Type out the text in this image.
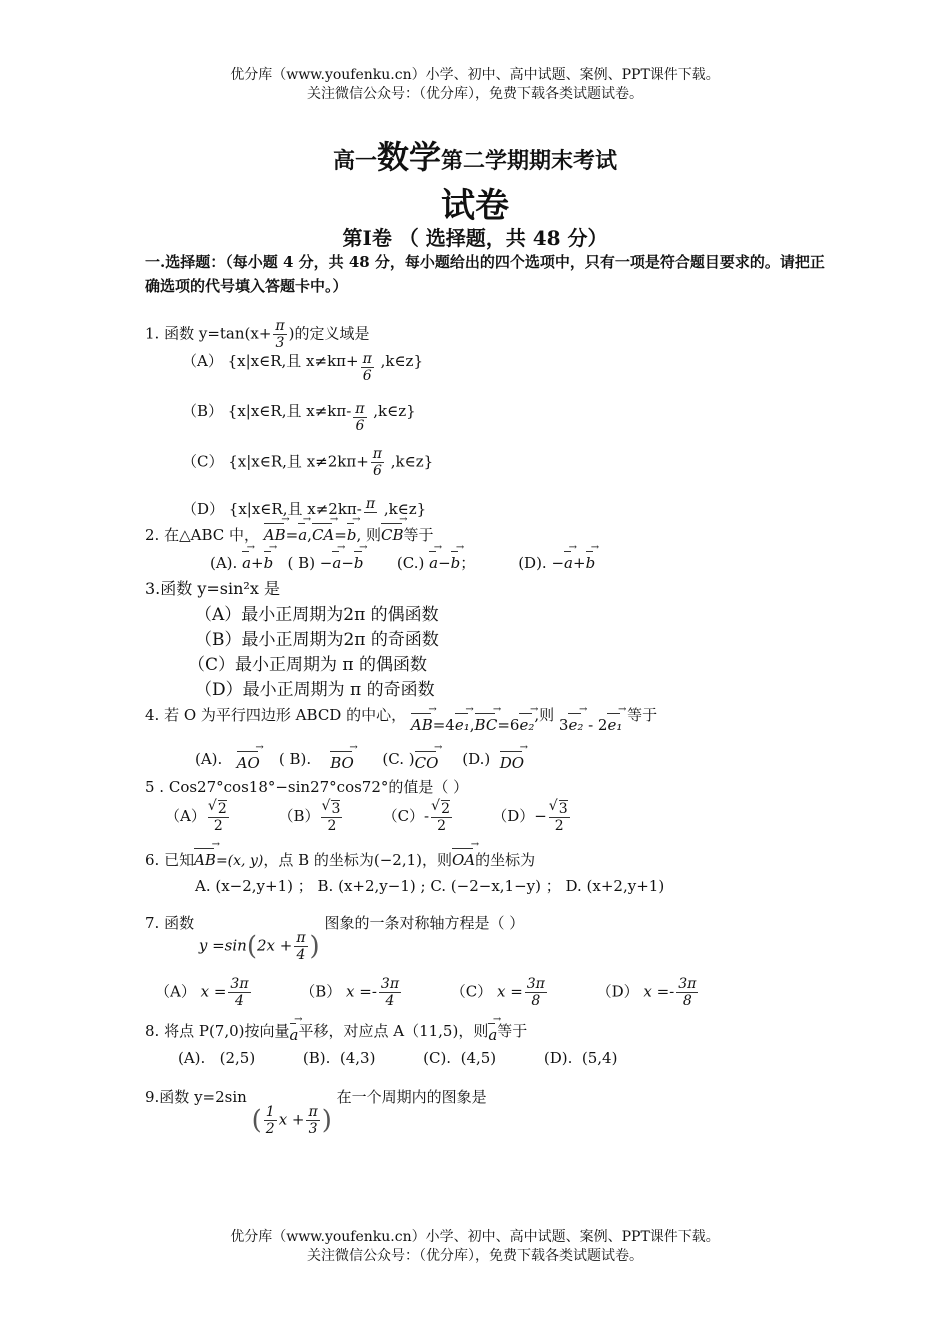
优分库（www.youfenku.cn）小学、初中、高中试题、案例、PPT课件下载。
关注微信公众号：（优分库），免费下载各类试题试卷。
高一数学第二学期期末考试
试卷
第Ⅰ卷 （ 选择题，共 48 分）
一.选择题：（每小题 4 分，共 48 分，每小题给出的四个选项中，只有一项是符合题目要求的。请把正确选项的代号填入答题卡中。）
1. 函数 $y=\tan(x+ \frac{\pi}{3}$ )的定义域是
（A） {x|x∈R,且 $x\ne k\pi+ \frac{\pi}{6}$ ,k∈z}
（B） {x|x∈R,且 $x\ne k\pi- \frac{\pi}{6}$ ,k∈z}
（C） {x|x∈R,且 $x\ne 2k\pi+ \frac{\pi}{6}$ ,k∈z}
（D） {x|x∈R,且 x≠2kπ- π ,k∈z}
2. 在△ABC 中， AB →=a →,CA →=b →, 则CB →等于
(A). a →+b → ( B) −a →−b → (C.) a →−b →；	(D). −a →+b →
3.函数 y=sin²x 是
（A）最小正周期为2π 的偶函数
（B）最小正周期为2π 的奇函数
（C）最小正周期为 π 的偶函数
（D）最小正周期为 π 的奇函数
4. 若 O 为平行四边形 ABCD 的中心， AB →=4e₁ →,BC →=6e₂ →,则 3e₂ → - 2e₁ → 等于
(A). AO → ( B). BO → (C. )CO → (D.) DO →
5 . Cos27°cos18°−sin27°cos72°的值是（ ）
（A） √ $\frac{2}{2}$	（B） √ $\frac{3}{2}$	（C）- √ $\frac{2}{2}$	（D）− √ $\frac{3}{2}$
6. 已知AB →=(x, y)，点 B 的坐标为(−2,1)，则OA →的坐标为
A. (x−2,y+1) ； B. (x+2,y−1) ; C. (−2−x,1−y) ； D. (x+2,y+1)
7. 函数 $y =\sin(2x + \frac{\pi}{4}$ ) 图象的一条对称轴方程是（ ）
（A） $x = \frac{3\pi}{4}$	（B） $x =- \frac{3\pi}{4}$	（C） $x = \frac{3\pi}{8}$	（D） $x =- \frac{3\pi}{8}$
8. 将点 P(7,0)按向量a →平移，对应点 A（11,5)，则a →等于
(A).   (2,5)          (B).  (4,3)          (C).  (4,5)          (D).  (5,4)
9.函数 y=2sin ( $\frac{1}{2}$ $x + \frac{\pi}{3}$ ) 在一个周期内的图象是
优分库（www.youfenku.cn）小学、初中、高中试题、案例、PPT课件下载。
关注微信公众号：（优分库），免费下载各类试题试卷。
